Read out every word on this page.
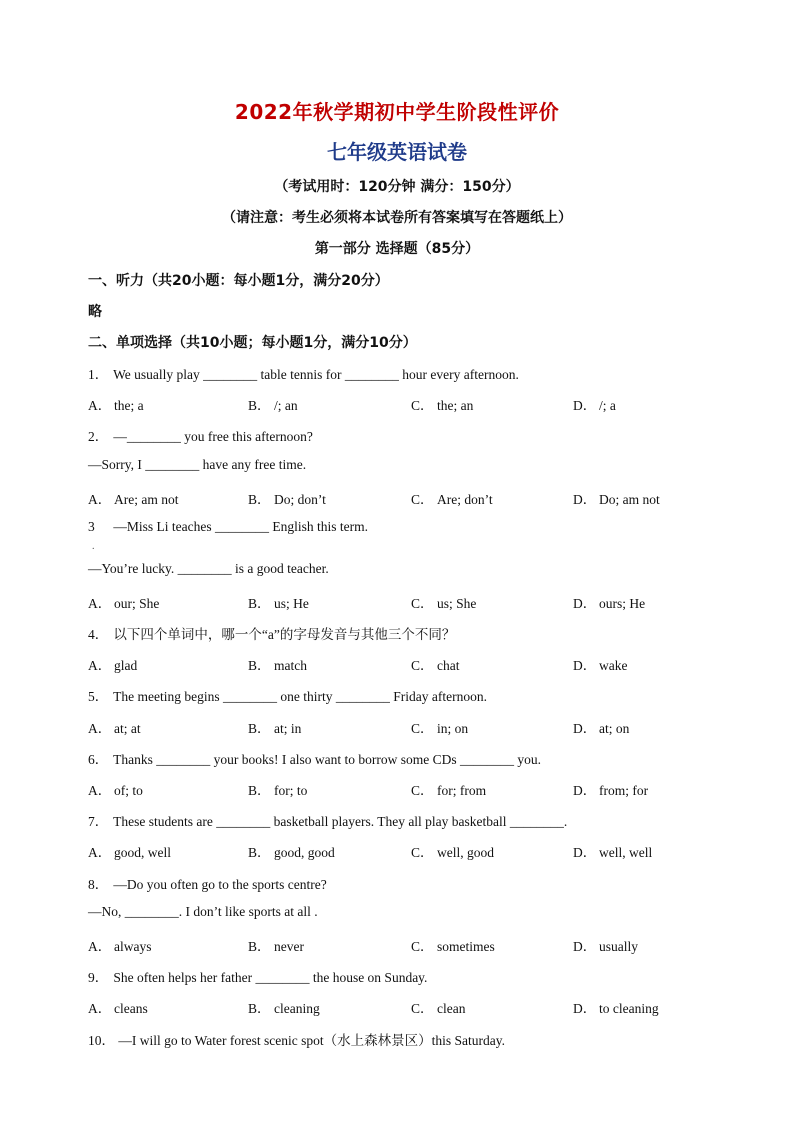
2022年秋学期初中学生阶段性评价
七年级英语试卷
（考试用时：120分钟 满分：150分）
（请注意：考生必须将本试卷所有答案填写在答题纸上）
第一部分 选择题（85分）
一、听力（共20小题：每小题1分，满分20分）
略
二、单项选择（共10小题；每小题1分，满分10分）
1． We usually play ________ table tennis for ________ hour every afternoon.
A． the; a	B． /; an	C． the; an	D． /; a
2． —________ you free this afternoon?
—Sorry, I ________ have any free time.
A． Are; am not	B． Do; don’t	C． Are; don’t	D． Do; am not
3 —Miss Li teaches ________ English this term.
—You’re lucky. ________ is a good teacher.
A． our; She	B． us; He	C． us; She	D． ours; He
4． 以下四个单词中，哪一个“a”的字母发音与其他三个不同？
A． glad	B． match	C． chat	D． wake
5． The meeting begins ________ one thirty ________ Friday afternoon.
A． at; at	B． at; in	C． in; on	D． at; on
6． Thanks ________ your books! I also want to borrow some CDs ________ you.
A． of; to	B． for; to	C． for; from	D． from; for
7． These students are ________ basketball players. They all play basketball ________.
A． good, well	B． good, good	C． well, good	D． well, well
8． —Do you often go to the sports centre?
—No, ________. I don’t like sports at all .
A． always	B． never	C． sometimes	D． usually
9． She often helps her father ________ the house on Sunday.
A． cleans	B． cleaning	C． clean	D． to cleaning
10． —I will go to Water forest scenic spot（水上森林景区）this Saturday.
.
